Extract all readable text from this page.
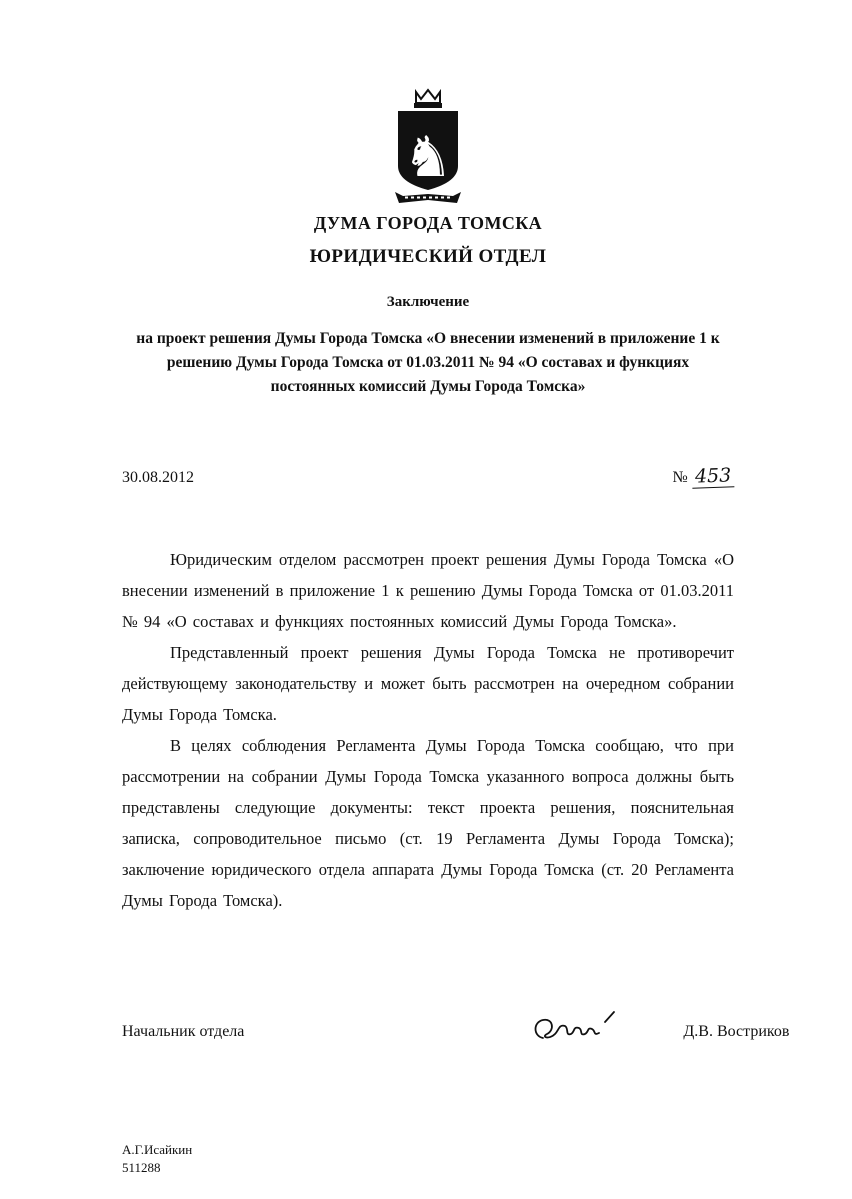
♞
ДУМА ГОРОДА ТОМСКА
ЮРИДИЧЕСКИЙ ОТДЕЛ
Заключение
на проект решения Думы Города Томска «О внесении изменений в приложение 1 к решению Думы Города Томска от 01.03.2011 № 94 «О составах и функциях постоянных комиссий Думы Города Томска»
30.08.2012	№ 453

Юридическим отделом рассмотрен проект решения Думы Города Томска «О внесении изменений в приложение 1 к решению Думы Города Томска от 01.03.2011 № 94 «О составах и функциях постоянных комиссий Думы Города Томска».

Представленный проект решения Думы Города Томска не противоречит действующему законодательству и может быть рассмотрен на очередном собрании Думы Города Томска.

В целях соблюдения Регламента Думы Города Томска сообщаю, что при рассмотрении на собрании Думы Города Томска указанного вопроса должны быть представлены следующие документы: текст проекта решения, пояснительная записка, сопроводительное письмо (ст. 19 Регламента Думы Города Томска); заключение юридического отдела аппарата Думы Города Томска (ст. 20 Регламента Думы Города Томска).

Начальник отдела	Д.В. Востриков
А.Г.Исайкин
511288
